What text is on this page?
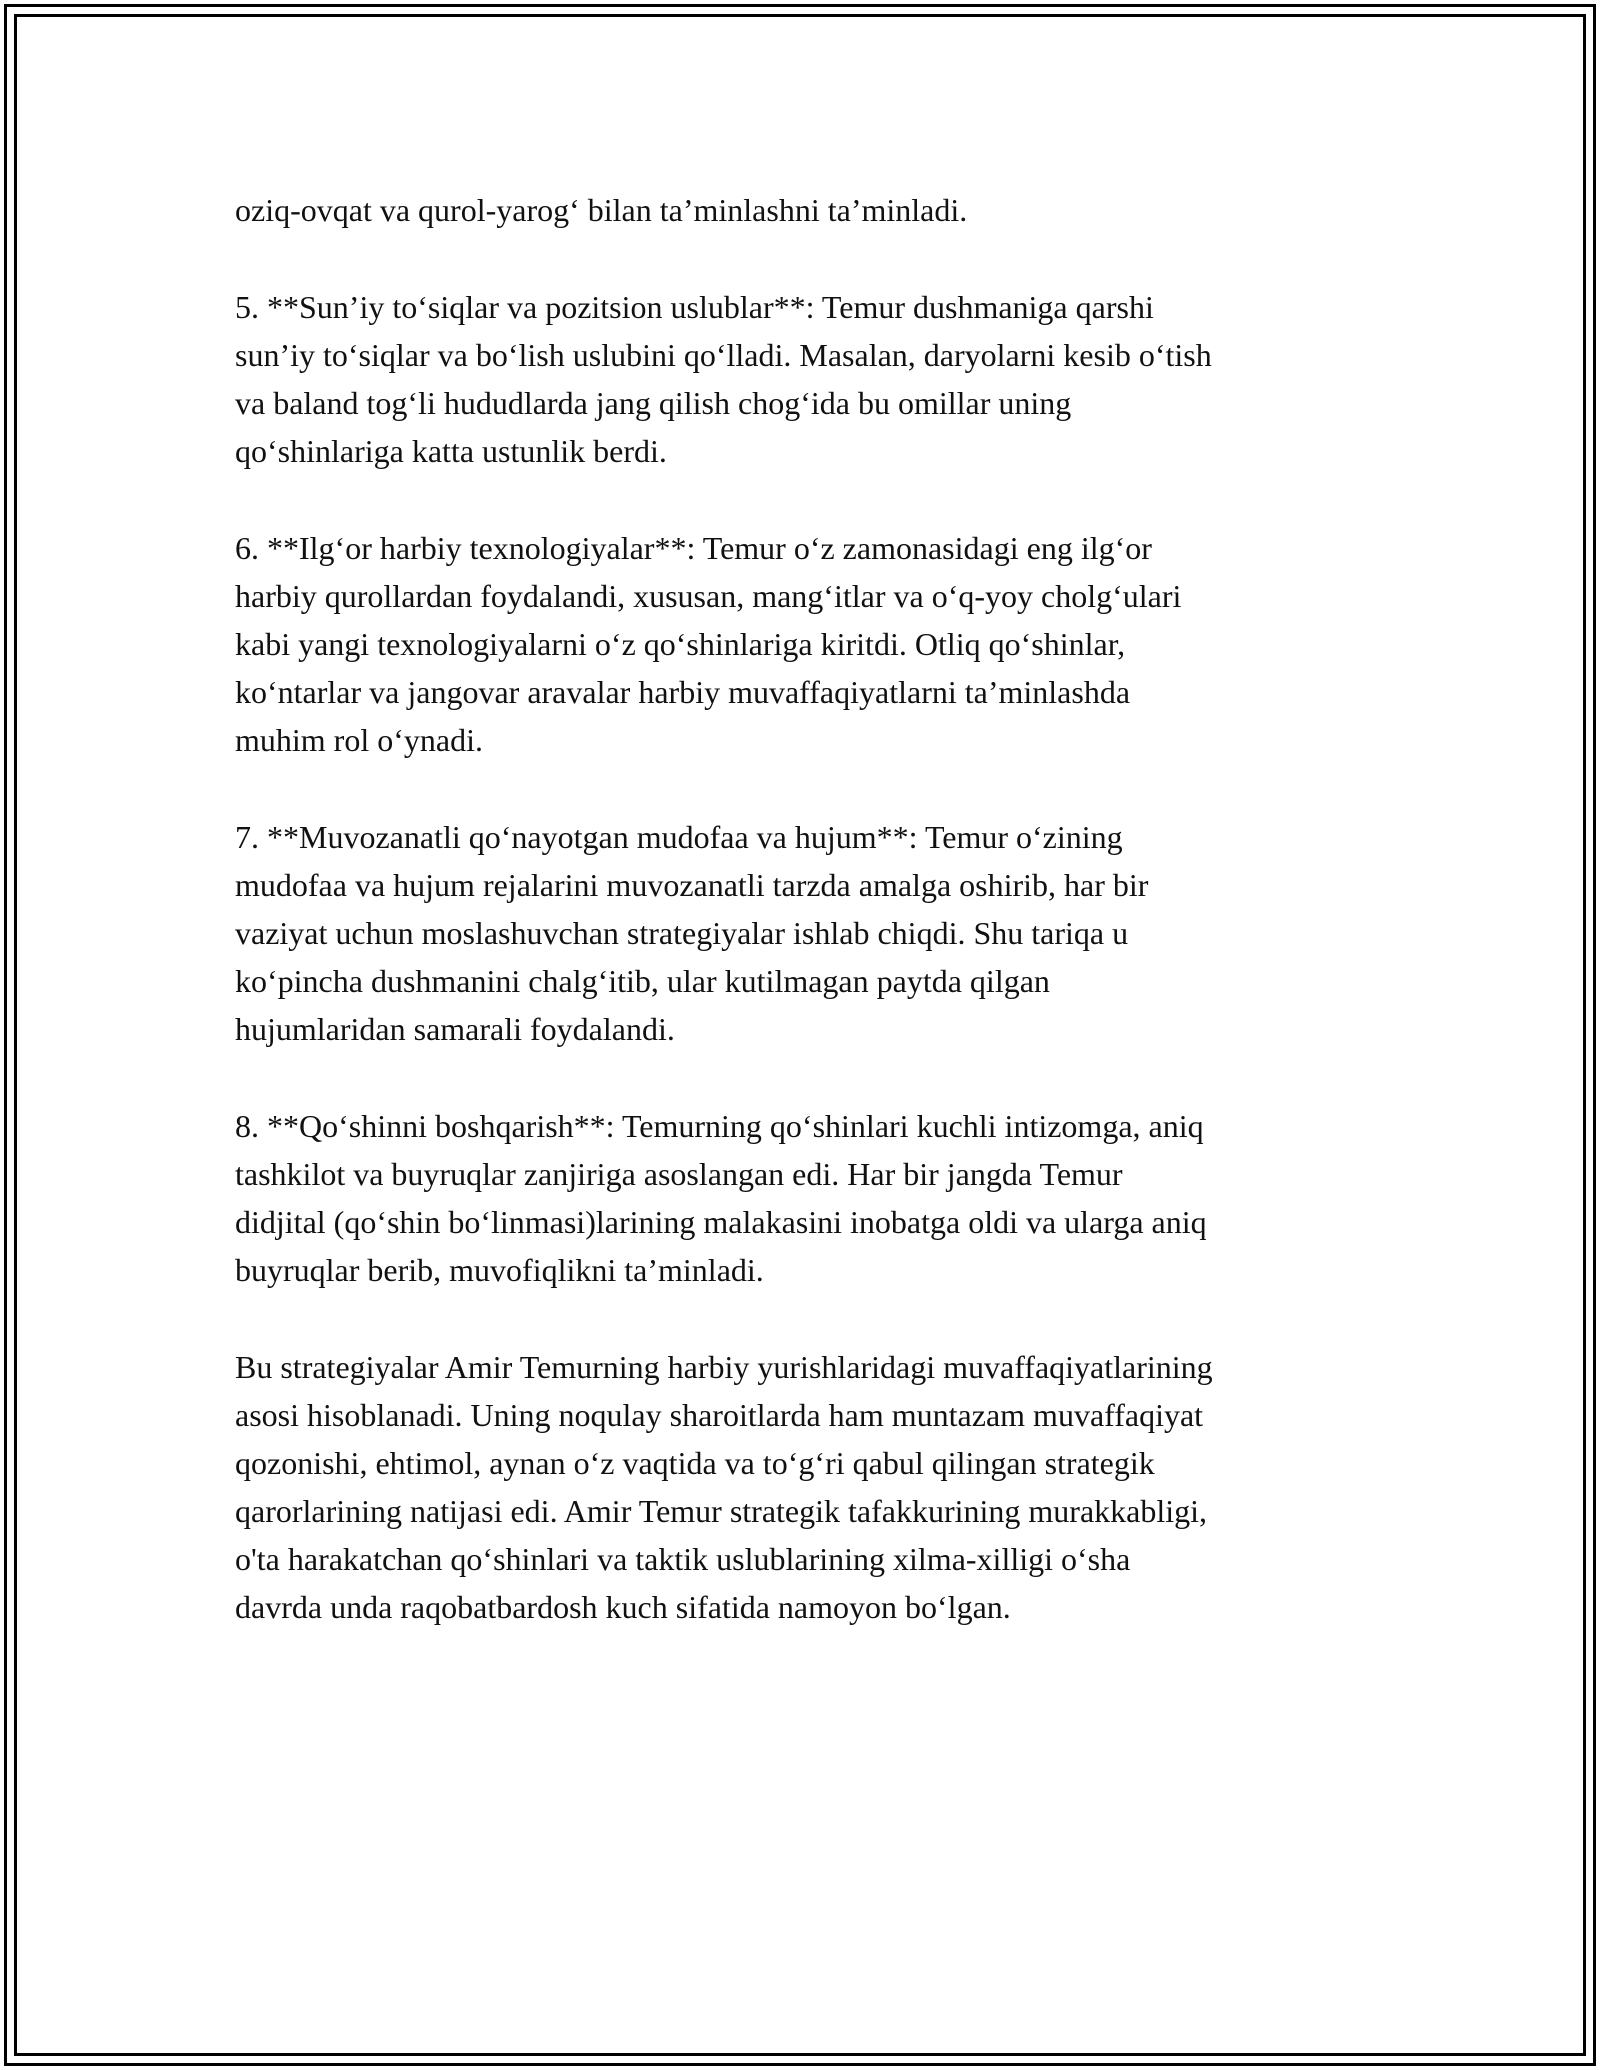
oziq-ovqat va qurol-yarog‘ bilan ta’minlashni ta’minladi.

5. **Sun’iy to‘siqlar va pozitsion uslublar**: Temur dushmaniga qarshi
sun’iy to‘siqlar va bo‘lish uslubini qo‘lladi. Masalan, daryolarni kesib o‘tish
va baland tog‘li hududlarda jang qilish chog‘ida bu omillar uning
qo‘shinlariga katta ustunlik berdi.

6. **Ilg‘or harbiy texnologiyalar**: Temur o‘z zamonasidagi eng ilg‘or
harbiy qurollardan foydalandi, xususan, mang‘itlar va o‘q-yoy cholg‘ulari
kabi yangi texnologiyalarni o‘z qo‘shinlariga kiritdi. Otliq qo‘shinlar,
ko‘ntarlar va jangovar aravalar harbiy muvaffaqiyatlarni ta’minlashda
muhim rol o‘ynadi.

7. **Muvozanatli qo‘nayotgan mudofaa va hujum**: Temur o‘zining
mudofaa va hujum rejalarini muvozanatli tarzda amalga oshirib, har bir
vaziyat uchun moslashuvchan strategiyalar ishlab chiqdi. Shu tariqa u
ko‘pincha dushmanini chalg‘itib, ular kutilmagan paytda qilgan
hujumlaridan samarali foydalandi.

8. **Qo‘shinni boshqarish**: Temurning qo‘shinlari kuchli intizomga, aniq
tashkilot va buyruqlar zanjiriga asoslangan edi. Har bir jangda Temur
didjital (qo‘shin bo‘linmasi)larining malakasini inobatga oldi va ularga aniq
buyruqlar berib, muvofiqlikni ta’minladi.

Bu strategiyalar Amir Temurning harbiy yurishlaridagi muvaffaqiyatlarining
asosi hisoblanadi. Uning noqulay sharoitlarda ham muntazam muvaffaqiyat
qozonishi, ehtimol, aynan o‘z vaqtida va to‘g‘ri qabul qilingan strategik
qarorlarining natijasi edi. Amir Temur strategik tafakkurining murakkabligi,
o'ta harakatchan qo‘shinlari va taktik uslublarining xilma-xilligi o‘sha
davrda unda raqobatbardosh kuch sifatida namoyon bo‘lgan.
